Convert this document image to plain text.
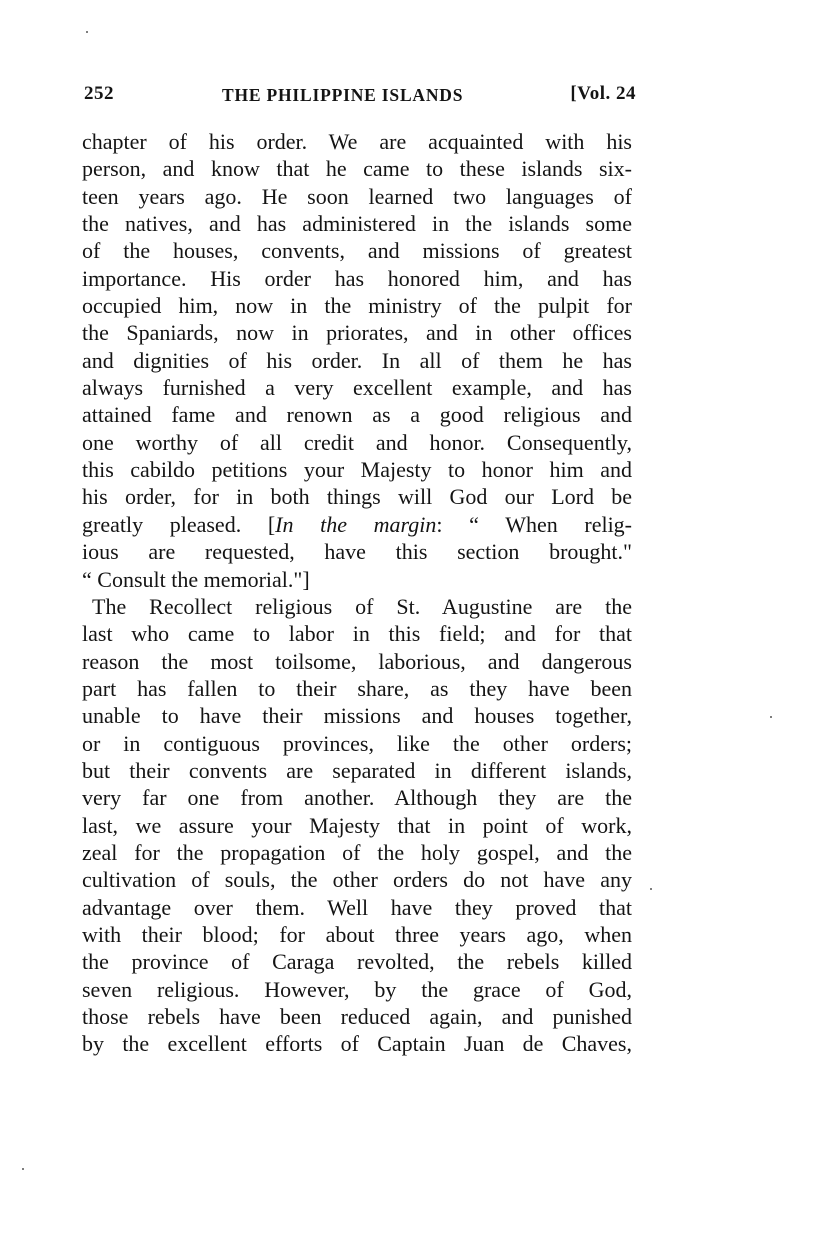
252	THE PHILIPPINE ISLANDS	[Vol. 24
chapter of his order. We are acquainted with his
person, and know that he came to these islands six-
teen years ago. He soon learned two languages of
the natives, and has administered in the islands some
of the houses, convents, and missions of greatest
importance. His order has honored him, and has
occupied him, now in the ministry of the pulpit for
the Spaniards, now in priorates, and in other offices
and dignities of his order. In all of them he has
always furnished a very excellent example, and has
attained fame and renown as a good religious and
one worthy of all credit and honor. Consequently,
this cabildo petitions your Majesty to honor him and
his order, for in both things will God our Lord be
greatly pleased. [In the margin: “ When relig-
ious are requested, have this section brought."
“ Consult the memorial."]
The Recollect religious of St. Augustine are the
last who came to labor in this field; and for that
reason the most toilsome, laborious, and dangerous
part has fallen to their share, as they have been
unable to have their missions and houses together,
or in contiguous provinces, like the other orders;
but their convents are separated in different islands,
very far one from another. Although they are the
last, we assure your Majesty that in point of work,
zeal for the propagation of the holy gospel, and the
cultivation of souls, the other orders do not have any
advantage over them. Well have they proved that
with their blood; for about three years ago, when
the province of Caraga revolted, the rebels killed
seven religious. However, by the grace of God,
those rebels have been reduced again, and punished
by the excellent efforts of Captain Juan de Chaves,
